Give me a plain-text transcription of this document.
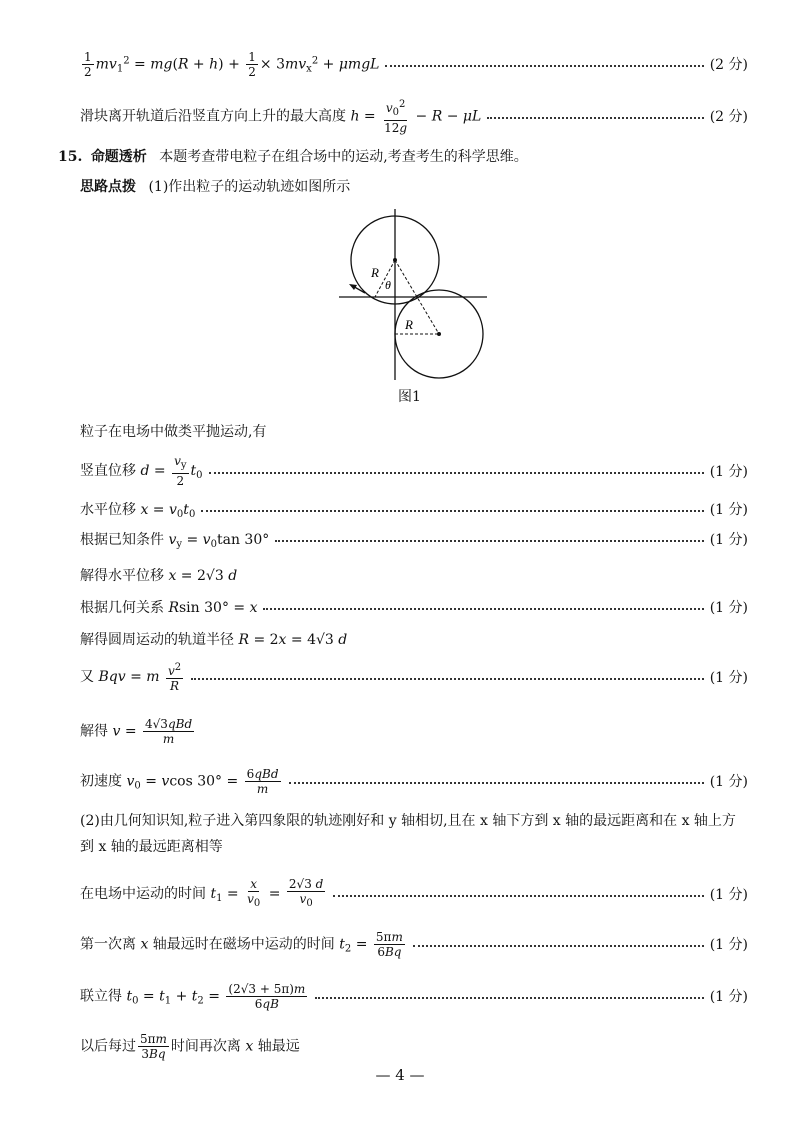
$\frac{1}{2} mv_1^2 = mg(R + h) + \frac{1}{2} \times 3mv_x^2 + \mu mgL$	(2 分)
滑块离开轨道后沿竖直方向上升的最大高度 $h = \frac{v_0^2}{12g} - R - \mu L$	(2 分)
15. 命题透析 本题考查带电粒子在组合场中的运动,考查考生的科学思维。
思路点拨 (1)作出粒子的运动轨迹如图所示
R
θ
R
图1
粒子在电场中做类平抛运动,有
竖直位移 $d = \frac{v_y}{2} t_0$	(1 分)
水平位移 $x = v_0t_0$	(1 分)
根据已知条件 $v_y = v_0\tan$ 30°	(1 分)
解得水平位移 x = 2√3 d
根据几何关系 Rsin 30° = x	(1 分)
解得圆周运动的轨道半径 R = 2x = 4√3 d
又 Bqv = m $\frac{v^2}{R}$	(1 分)
解得 $v = \frac{\text{4√3qBd}}{m}$
初速度 $v_0 = vcos$ $30^\circ = \frac{\text{6qBd}}{m}$	(1 分)
(2)由几何知识知,粒子进入第四象限的轨迹刚好和 y 轴相切,且在 x 轴下方到 x 轴的最远距离和在 x 轴上方到 x 轴的最远距离相等
在电场中运动的时间 $t_1 = \frac{x}{v_0} = \frac{2√3 d}{v_0}$	(1 分)
第一次离 x 轴最远时在磁场中运动的时间 $t_2 = \frac{5\pi m}{6Bq}$	(1 分)
联立得 $t_0 = t_1 + t_2 = \frac{(2√3 + 5\pi)m}{6qB}$	(1 分)
以后每过 $\frac{5\pi m}{3Bq}$ 时间再次离 x 轴最远
— 4 —
